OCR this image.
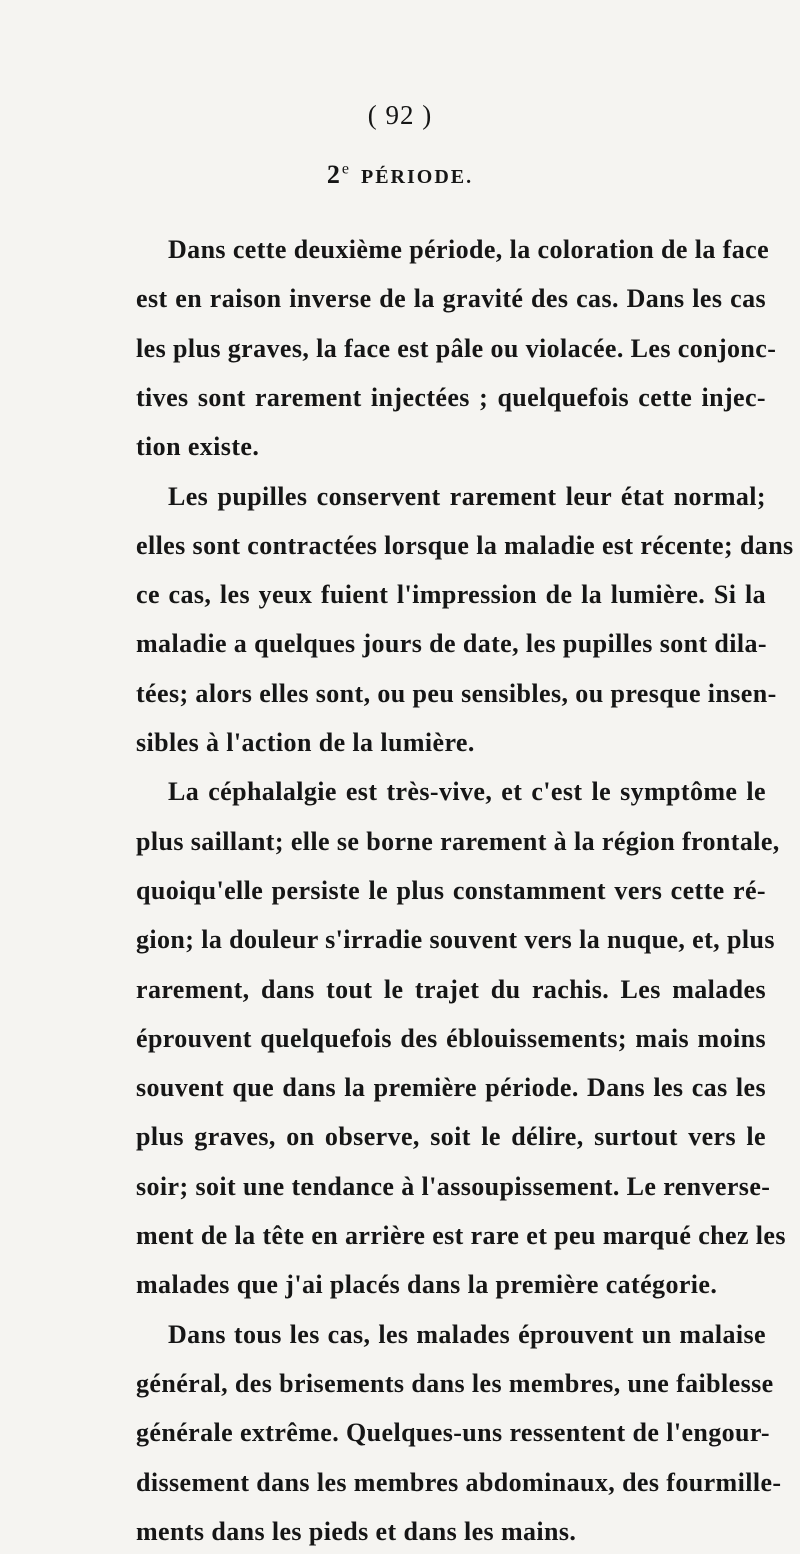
( 92 )
2e PÉRIODE.
Dans cette deuxième période, la coloration de la face
est en raison inverse de la gravité des cas. Dans les cas
les plus graves, la face est pâle ou violacée. Les conjonc-
tives sont rarement injectées ; quelquefois cette injec-
tion existe.
Les pupilles conservent rarement leur état normal;
elles sont contractées lorsque la maladie est récente; dans
ce cas, les yeux fuient l'impression de la lumière. Si la
maladie a quelques jours de date, les pupilles sont dila-
tées; alors elles sont, ou peu sensibles, ou presque insen-
sibles à l'action de la lumière.
La céphalalgie est très-vive, et c'est le symptôme le
plus saillant; elle se borne rarement à la région frontale,
quoiqu'elle persiste le plus constamment vers cette ré-
gion; la douleur s'irradie souvent vers la nuque, et, plus
rarement, dans tout le trajet du rachis. Les malades
éprouvent quelquefois des éblouissements; mais moins
souvent que dans la première période. Dans les cas les
plus graves, on observe, soit le délire, surtout vers le
soir; soit une tendance à l'assoupissement. Le renverse-
ment de la tête en arrière est rare et peu marqué chez les
malades que j'ai placés dans la première catégorie.
Dans tous les cas, les malades éprouvent un malaise
général, des brisements dans les membres, une faiblesse
générale extrême. Quelques-uns ressentent de l'engour-
dissement dans les membres abdominaux, des fourmille-
ments dans les pieds et dans les mains.
